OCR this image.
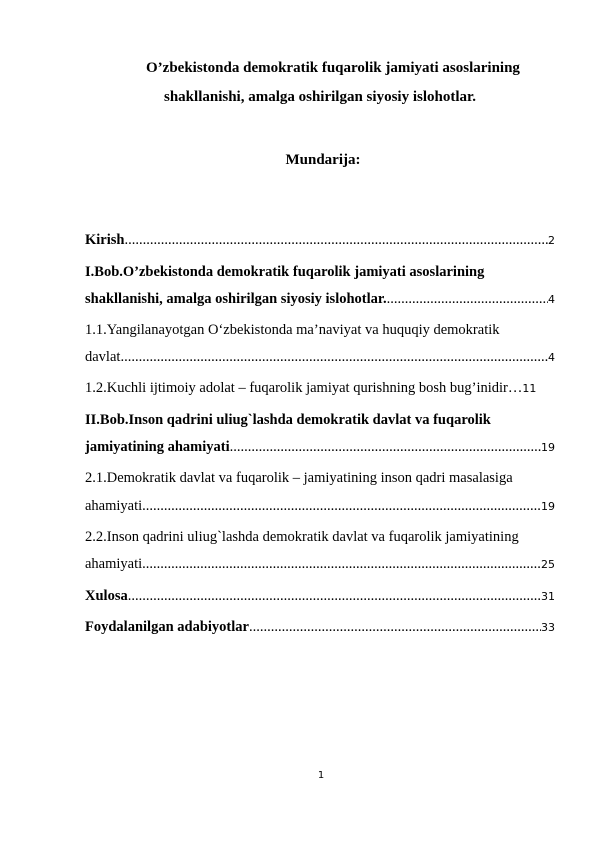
O’zbekistonda demokratik fuqarolik jamiyati asoslarining
shakllanishi, amalga oshirilgan siyosiy islohotlar.
Mundarija:
Kirish .....	2
I.Bob.O’zbekistonda demokratik fuqarolik jamiyati asoslarining
shakllanishi, amalga oshirilgan siyosiy islohotlar. .....	4
1.1.Yangilanayotgan O‘zbekistonda ma’naviyat va huquqiy demokratik
davlat .....	4
1.2.Kuchli ijtimoiy adolat – fuqarolik jamiyat qurishning bosh bug’inidir… 11
II.Bob.Inson qadrini uliug`lashda demokratik davlat va fuqarolik
jamiyatining ahamiyati .....	19
2.1.Demokratik davlat va fuqarolik – jamiyatining inson qadri masalasiga
ahamiyati .....	19
2.2.Inson qadrini uliug`lashda demokratik davlat va fuqarolik jamiyatining
ahamiyati .....	25
Xulosa .....	31
Foydalanilgan adabiyotlar .....	33
1
